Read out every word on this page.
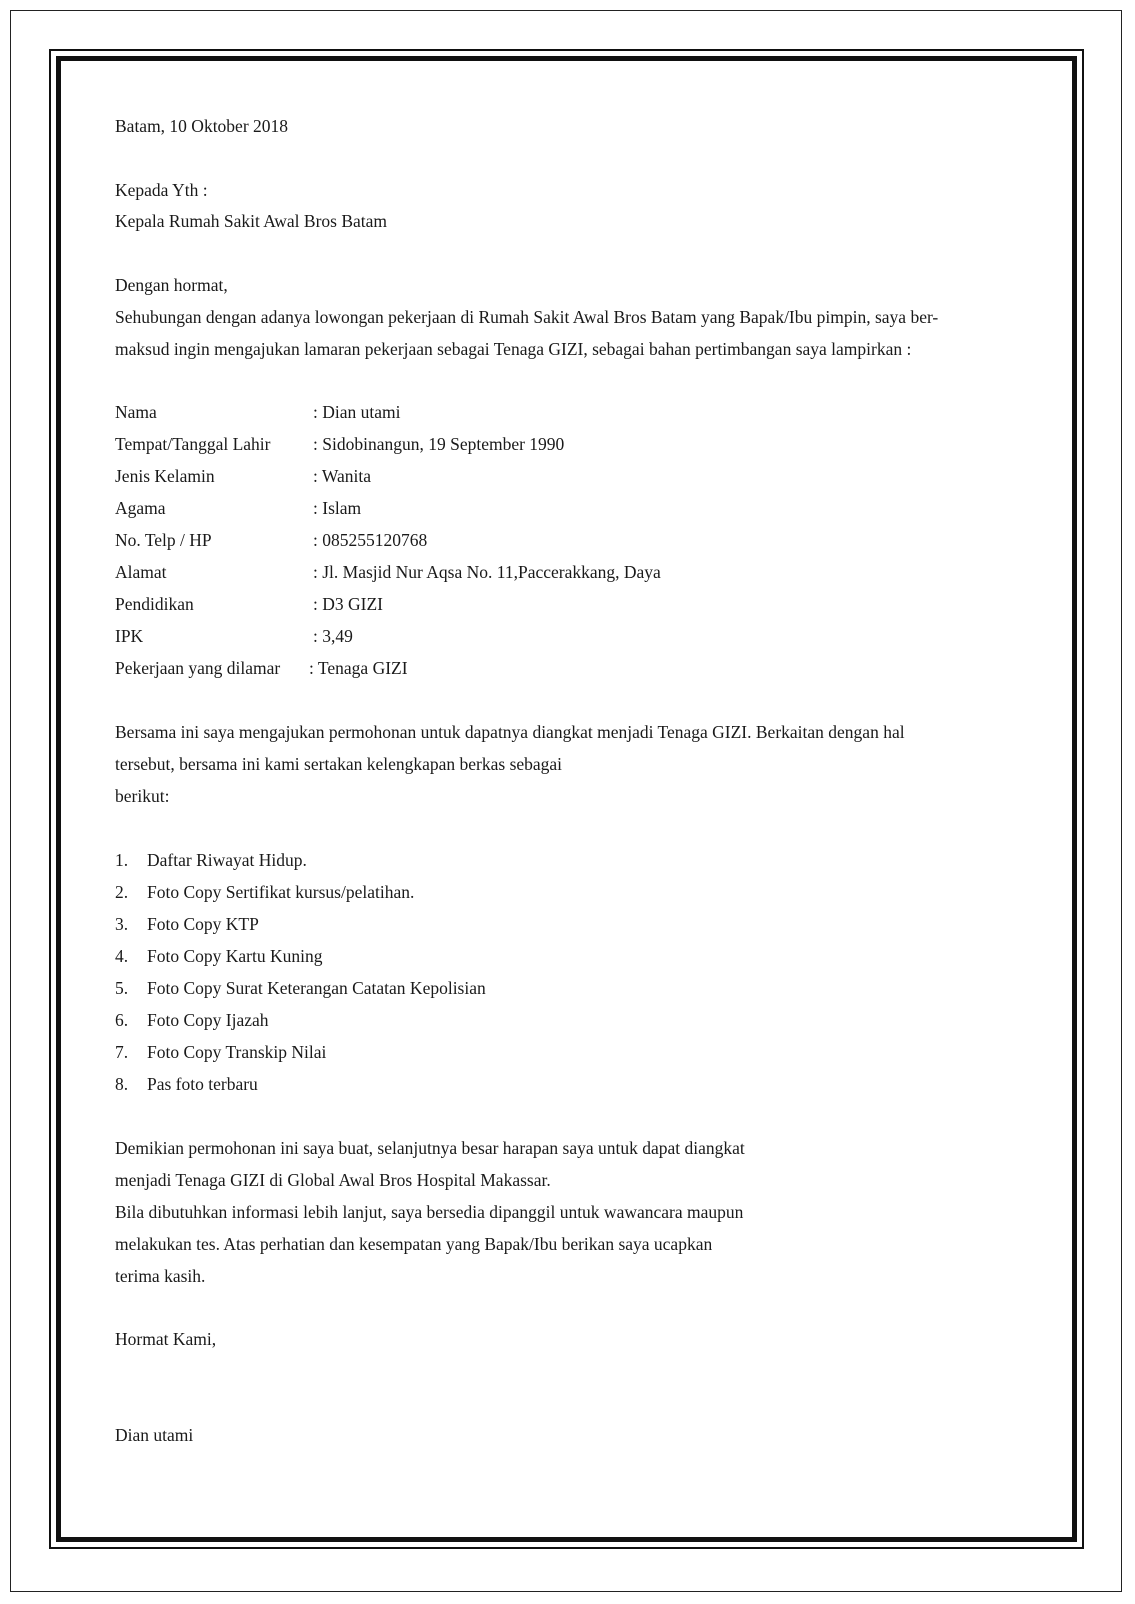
Batam, 10 Oktober 2018
Kepada Yth :
Kepala Rumah Sakit Awal Bros Batam
Dengan hormat,
Sehubungan dengan adanya lowongan pekerjaan di Rumah Sakit Awal Bros Batam yang Bapak/Ibu pimpin, saya ber-
maksud ingin mengajukan lamaran pekerjaan sebagai Tenaga GIZI, sebagai bahan pertimbangan saya lampirkan :
Nama	: Dian utami
Tempat/Tanggal Lahir : Sidobinangun, 19 September 1990
Jenis Kelamin	: Wanita
Agama	: Islam
No. Telp / HP	: 085255120768
Alamat	: Jl. Masjid Nur Aqsa No. 11,Paccerakkang, Daya
Pendidikan	: D3 GIZI
IPK	: 3,49
Pekerjaan yang dilamar : Tenaga GIZI
Bersama ini saya mengajukan permohonan untuk dapatnya diangkat menjadi Tenaga GIZI. Berkaitan dengan hal
tersebut, bersama ini kami sertakan kelengkapan berkas sebagai
berikut:
1. Daftar Riwayat Hidup.
2. Foto Copy Sertifikat kursus/pelatihan.
3. Foto Copy KTP
4. Foto Copy Kartu Kuning
5. Foto Copy Surat Keterangan Catatan Kepolisian
6. Foto Copy Ijazah
7. Foto Copy Transkip Nilai
8. Pas foto terbaru
Demikian permohonan ini saya buat, selanjutnya besar harapan saya untuk dapat diangkat
menjadi Tenaga GIZI di Global Awal Bros Hospital Makassar.
Bila dibutuhkan informasi lebih lanjut, saya bersedia dipanggil untuk wawancara maupun
melakukan tes. Atas perhatian dan kesempatan yang Bapak/Ibu berikan saya ucapkan
terima kasih.
Hormat Kami,
Dian utami
